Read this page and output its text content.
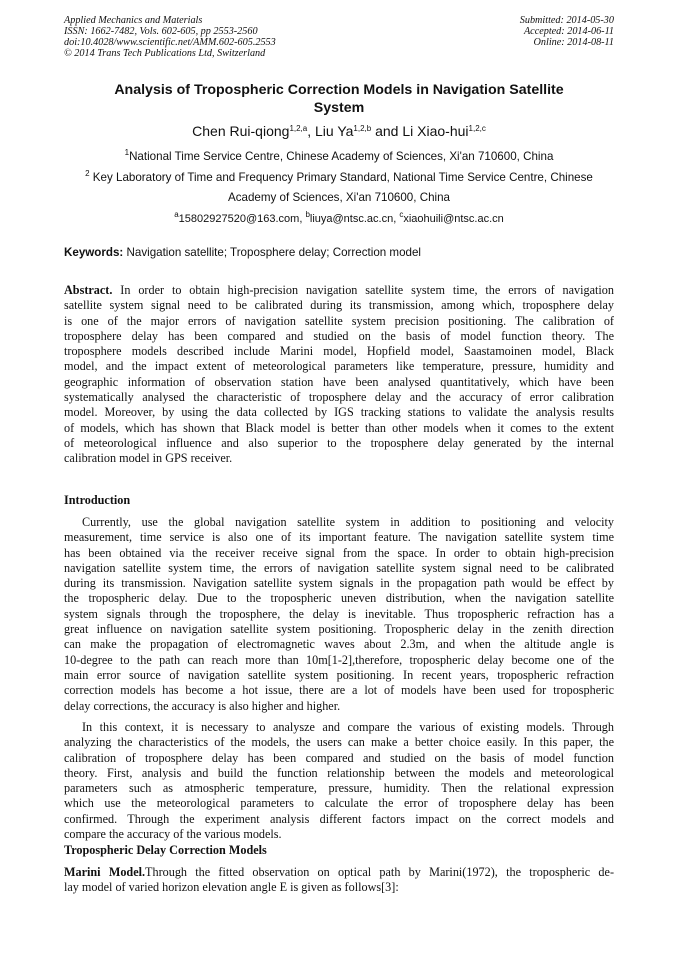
Applied Mechanics and Materials
ISSN: 1662-7482, Vols. 602-605, pp 2553-2560
doi:10.4028/www.scientific.net/AMM.602-605.2553
© 2014 Trans Tech Publications Ltd, Switzerland
Submitted: 2014-05-30
Accepted: 2014-06-11
Online: 2014-08-11
Analysis of Tropospheric Correction Models in Navigation Satellite
System
Chen Rui-qiong$^{1,2,a}$, Liu Ya$^{1,2,b}$ and Li Xiao-hui$^{1,2,c}$
$^1$National Time Service Centre, Chinese Academy of Sciences, Xi'an 710600, China
$^2$ Key Laboratory of Time and Frequency Primary Standard, National Time Service Centre, Chinese
Academy of Sciences, Xi'an 710600, China
$^a$15802927520@163.com, $^b$liuya@ntsc.ac.cn, $^c$xiaohuili@ntsc.ac.cn
Keywords: Navigation satellite; Troposphere delay; Correction model
Abstract. In order to obtain high-precision navigation satellite system time, the errors of navigation
satellite system signal need to be calibrated during its transmission, among which, troposphere delay
is one of the major errors of navigation satellite system precision positioning. The calibration of
troposphere delay has been compared and studied on the basis of model function theory. The
troposphere models described include Marini model, Hopfield model, Saastamoinen model, Black
model, and the impact extent of meteorological parameters like temperature, pressure, humidity and
geographic information of observation station have been analysed quantitatively, which have been
systematically analysed the characteristic of troposphere delay and the accuracy of error calibration
model. Moreover, by using the data collected by IGS tracking stations to validate the analysis results
of models, which has shown that Black model is better than other models when it comes to the extent
of meteorological influence and also superior to the troposphere delay generated by the internal
calibration model in GPS receiver.
Introduction
Currently, use the global navigation satellite system in addition to positioning and velocity
measurement, time service is also one of its important feature. The navigation satellite system time
has been obtained via the receiver receive signal from the space. In order to obtain high-precision
navigation satellite system time, the errors of navigation satellite system signal need to be calibrated
during its transmission. Navigation satellite system signals in the propagation path would be effect by
the tropospheric delay. Due to the tropospheric uneven distribution, when the navigation satellite
system signals through the troposphere, the delay is inevitable. Thus tropospheric refraction has a
great influence on navigation satellite system positioning. Tropospheric delay in the zenith direction
can make the propagation of electromagnetic waves about 2.3m, and when the altitude angle is
10-degree to the path can reach more than 10m[1-2],therefore, tropospheric delay become one of the
main error source of navigation satellite system positioning. In recent years, tropospheric refraction
correction models has become a hot issue, there are a lot of models have been used for tropospheric
delay corrections, the accuracy is also higher and higher.
In this context, it is necessary to analysze and compare the various of existing models. Through
analyzing the characteristics of the models, the users can make a better choice easily. In this paper, the
calibration of troposphere delay has been compared and studied on the basis of model function
theory. First, analysis and build the function relationship between the models and meteorological
parameters such as atmospheric temperature, pressure, humidity. Then the relational expression
which use the meteorological parameters to calculate the error of troposphere delay has been
confirmed. Through the experiment analysis different factors impact on the correct models and
compare the accuracy of the various models.
Tropospheric Delay Correction Models
Marini Model.Through the fitted observation on optical path by Marini(1972), the tropospheric de-
lay model of varied horizon elevation angle E is given as follows[3]:
